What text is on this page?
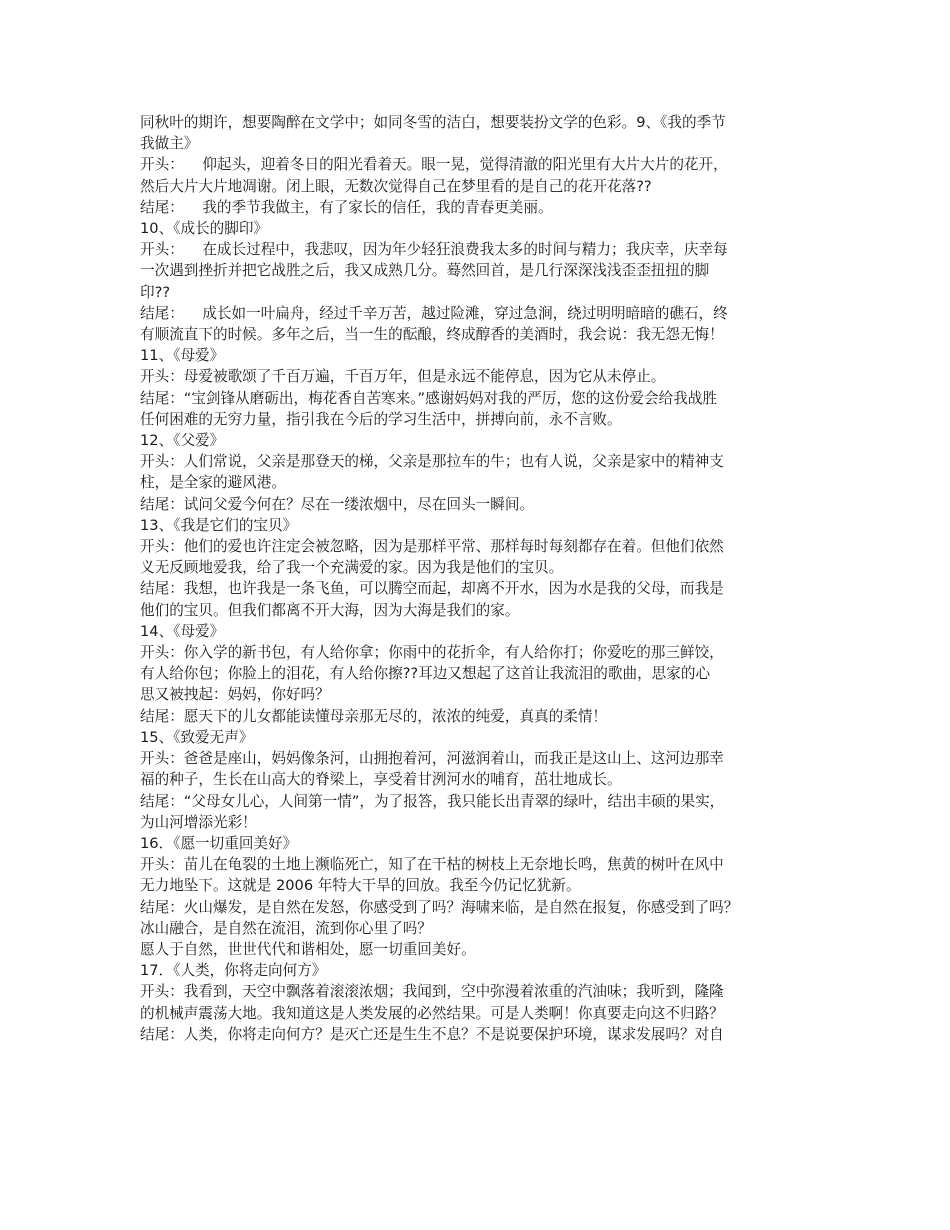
同秋叶的期许，想要陶醉在文学中；如同冬雪的洁白，想要装扮文学的色彩。9、《我的季节
我做主》
开头：    仰起头，迎着冬日的阳光看着天。眼一晃，觉得清澈的阳光里有大片大片的花开，
然后大片大片地凋谢。闭上眼，无数次觉得自己在梦里看的是自己的花开花落??
结尾：    我的季节我做主，有了家长的信任，我的青春更美丽。
10、《成长的脚印》
开头：    在成长过程中，我悲叹，因为年少轻狂浪费我太多的时间与精力；我庆幸，庆幸每
一次遇到挫折并把它战胜之后，我又成熟几分。蓦然回首，是几行深深浅浅歪歪扭扭的脚
印??
结尾：    成长如一叶扁舟，经过千辛万苦，越过险滩，穿过急涧，绕过明明暗暗的礁石，终
有顺流直下的时候。多年之后，当一生的酝酿，终成醇香的美酒时，我会说：我无怨无悔！
11、《母爱》
开头：母爱被歌颂了千百万遍，千百万年，但是永远不能停息，因为它从未停止。
结尾：“宝剑锋从磨砺出，梅花香自苦寒来。”感谢妈妈对我的严厉，您的这份爱会给我战胜
任何困难的无穷力量，指引我在今后的学习生活中，拼搏向前，永不言败。
12、《父爱》
开头：人们常说，父亲是那登天的梯，父亲是那拉车的牛；也有人说，父亲是家中的精神支
柱，是全家的避风港。
结尾：试问父爱今何在？尽在一缕浓烟中，尽在回头一瞬间。
13、《我是它们的宝贝》
开头：他们的爱也许注定会被忽略，因为是那样平常、那样每时每刻都存在着。但他们依然
义无反顾地爱我，给了我一个充满爱的家。因为我是他们的宝贝。
结尾：我想，也许我是一条飞鱼，可以腾空而起，却离不开水，因为水是我的父母，而我是
他们的宝贝。但我们都离不开大海，因为大海是我们的家。
14、《母爱》
开头：你入学的新书包，有人给你拿；你雨中的花折伞，有人给你打；你爱吃的那三鲜饺，
有人给你包；你脸上的泪花，有人给你擦??耳边又想起了这首让我流泪的歌曲，思家的心
思又被拽起：妈妈，你好吗？
结尾：愿天下的儿女都能读懂母亲那无尽的，浓浓的纯爱，真真的柔情！
15、《致爱无声》
开头：爸爸是座山，妈妈像条河，山拥抱着河，河滋润着山，而我正是这山上、这河边那幸
福的种子，生长在山高大的脊梁上，享受着甘洌河水的哺育，茁壮地成长。
结尾：“父母女儿心，人间第一情”，为了报答，我只能长出青翠的绿叶，结出丰硕的果实，
为山河增添光彩！
16．《愿一切重回美好》
开头：苗儿在龟裂的土地上濒临死亡，知了在干枯的树枝上无奈地长鸣，焦黄的树叶在风中
无力地坠下。这就是 2006 年特大干旱的回放。我至今仍记忆犹新。
结尾：火山爆发，是自然在发怒，你感受到了吗？海啸来临，是自然在报复，你感受到了吗？
冰山融合，是自然在流泪，流到你心里了吗？
愿人于自然，世世代代和谐相处，愿一切重回美好。
17．《人类，你将走向何方》
开头：我看到，天空中飘落着滚滚浓烟；我闻到，空中弥漫着浓重的汽油味；我听到，隆隆
的机械声震荡大地。我知道这是人类发展的必然结果。可是人类啊！你真要走向这不归路？
结尾：人类，你将走向何方？是灭亡还是生生不息？不是说要保护环境，谋求发展吗？对自
